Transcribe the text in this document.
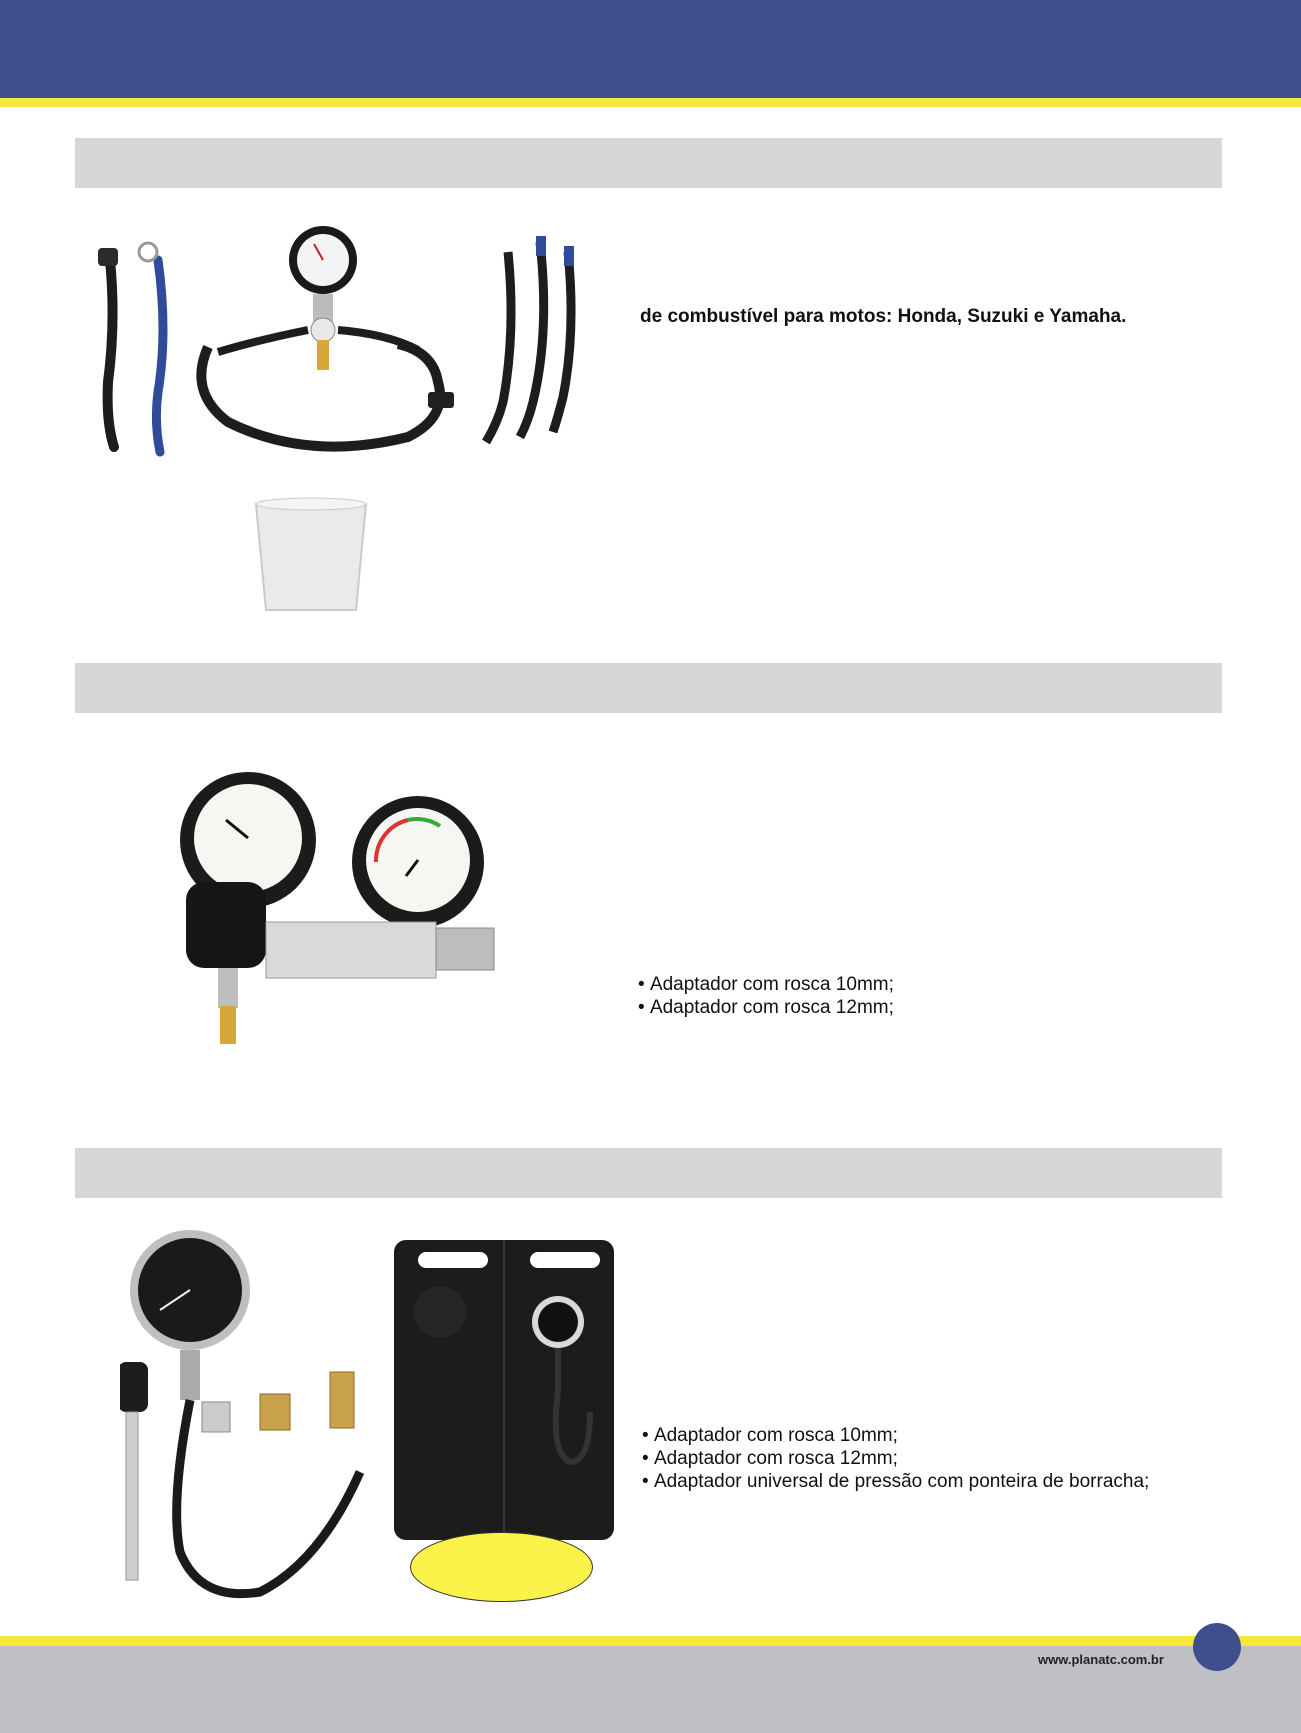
de combustível para motos: Honda, Suzuki e Yamaha.
• Adaptador com rosca 10mm;
• Adaptador com rosca 12mm;
• Adaptador com rosca 10mm;
• Adaptador com rosca 12mm;
• Adaptador universal de pressão com ponteira de borracha;
www.planatc.com.br
